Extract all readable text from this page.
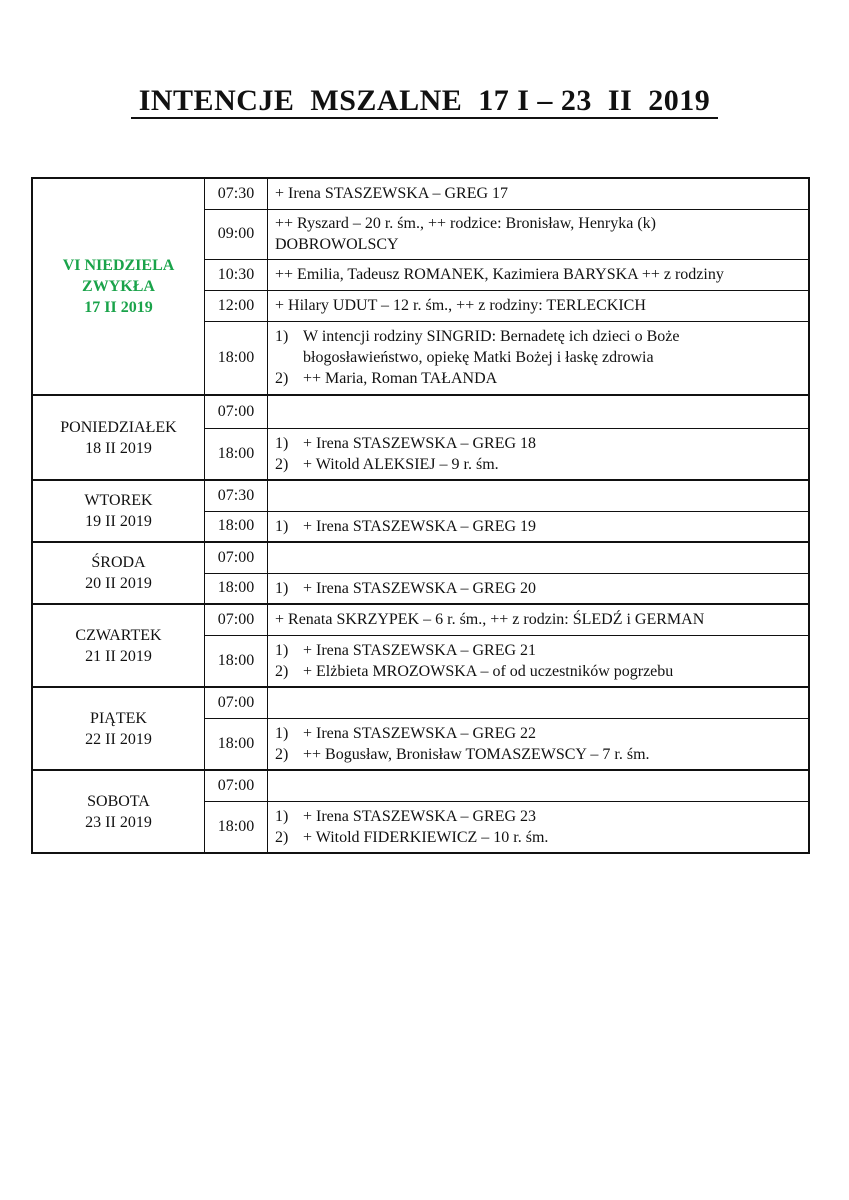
INTENCJE  MSZALNE  17 I – 23  II  2019
VI NIEDZIELA
ZWYKŁA
17 II 2019	07:30	+ Irena STASZEWSKA – GREG 17

	09:00	++ Ryszard – 20 r. śm., ++ rodzice: Bronisław, Henryka (k)
DOBROWOLSCY

	10:30	++ Emilia, Tadeusz ROMANEK, Kazimiera BARYSKA ++ z rodziny

	12:00	+ Hilary UDUT – 12 r. śm., ++ z rodziny: TERLECKICH

	18:00	1) W intencji rodziny SINGRID: Bernadetę ich dzieci o Boże błogosławieństwo, opiekę Matki Bożej i łaskę zdrowia
2) ++ Maria, Roman TAŁANDA

PONIEDZIAŁEK
18 II 2019	07:00	
	18:00	1) + Irena STASZEWSKA – GREG 18
2) + Witold ALEKSIEJ – 9 r. śm.

WTOREK
19 II 2019	07:30	
	18:00	1) + Irena STASZEWSKA – GREG 19

ŚRODA
20 II 2019	07:00	
	18:00	1) + Irena STASZEWSKA – GREG 20

CZWARTEK
21 II 2019	07:00	+ Renata SKRZYPEK – 6 r. śm., ++ z rodzin: ŚLEDŹ i GERMAN

	18:00	1) + Irena STASZEWSKA – GREG 21
2) + Elżbieta MROZOWSKA – of od uczestników pogrzebu

PIĄTEK
22 II 2019	07:00	
	18:00	1) + Irena STASZEWSKA – GREG 22
2) ++ Bogusław, Bronisław TOMASZEWSCY – 7 r. śm.

SOBOTA
23 II 2019	07:00	
	18:00	1) + Irena STASZEWSKA – GREG 23
2) + Witold FIDERKIEWICZ – 10 r. śm.
